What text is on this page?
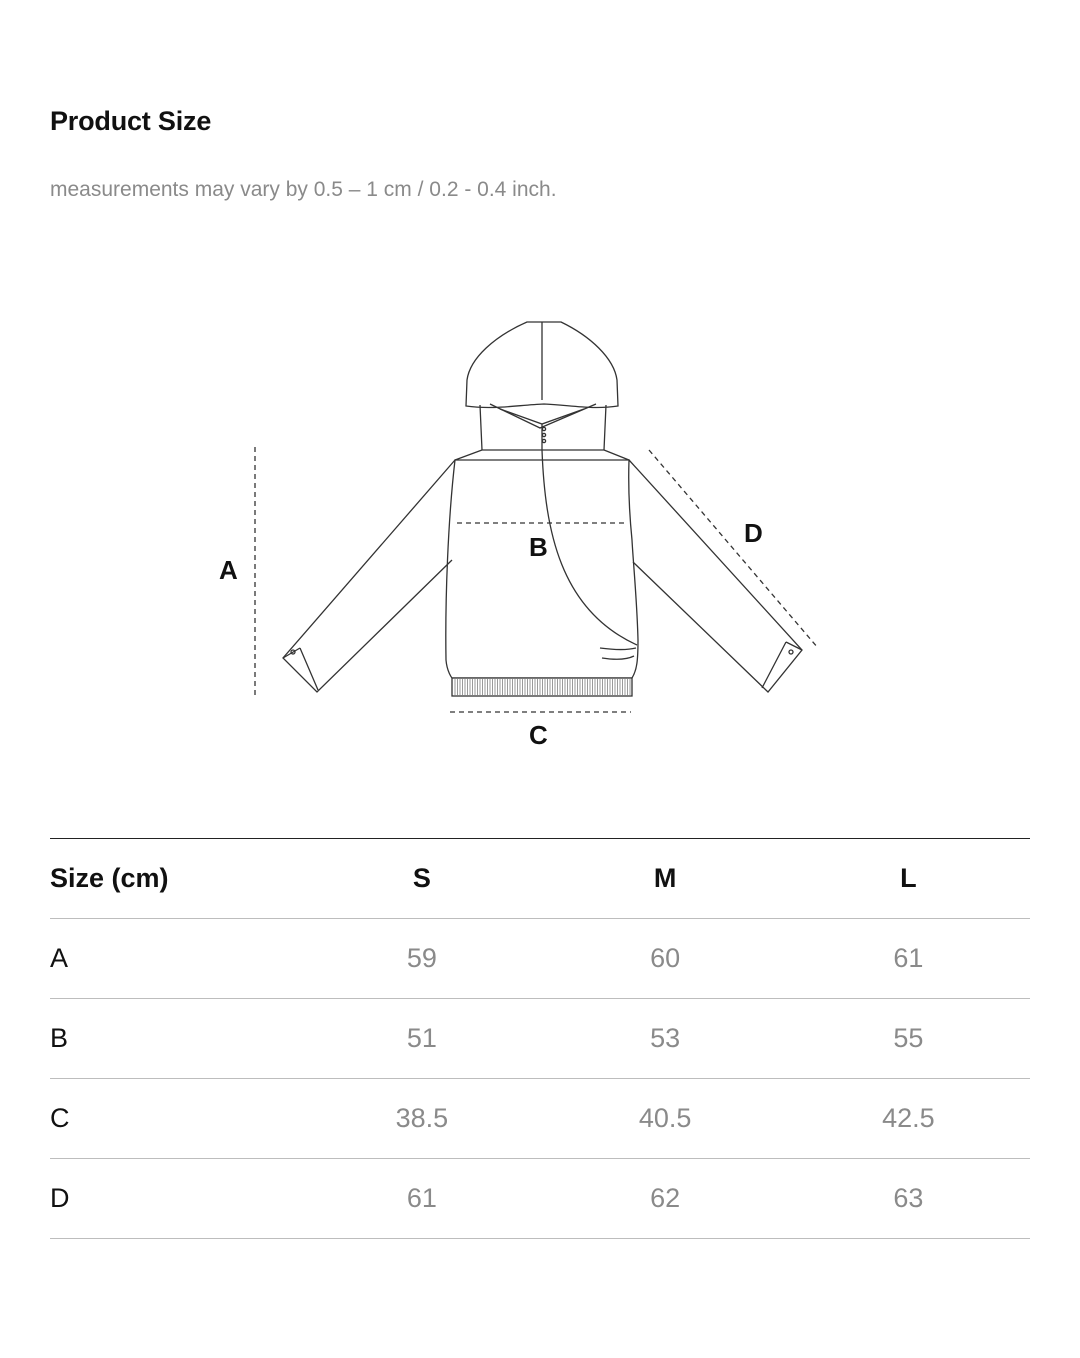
Product Size

measurements may vary by 0.5 – 1 cm / 0.2 - 0.4 inch.

A
B
C
D
Size (cm)	S	M	L
A	59	60	61
B	51	53	55
C	38.5	40.5	42.5
D	61	62	63
